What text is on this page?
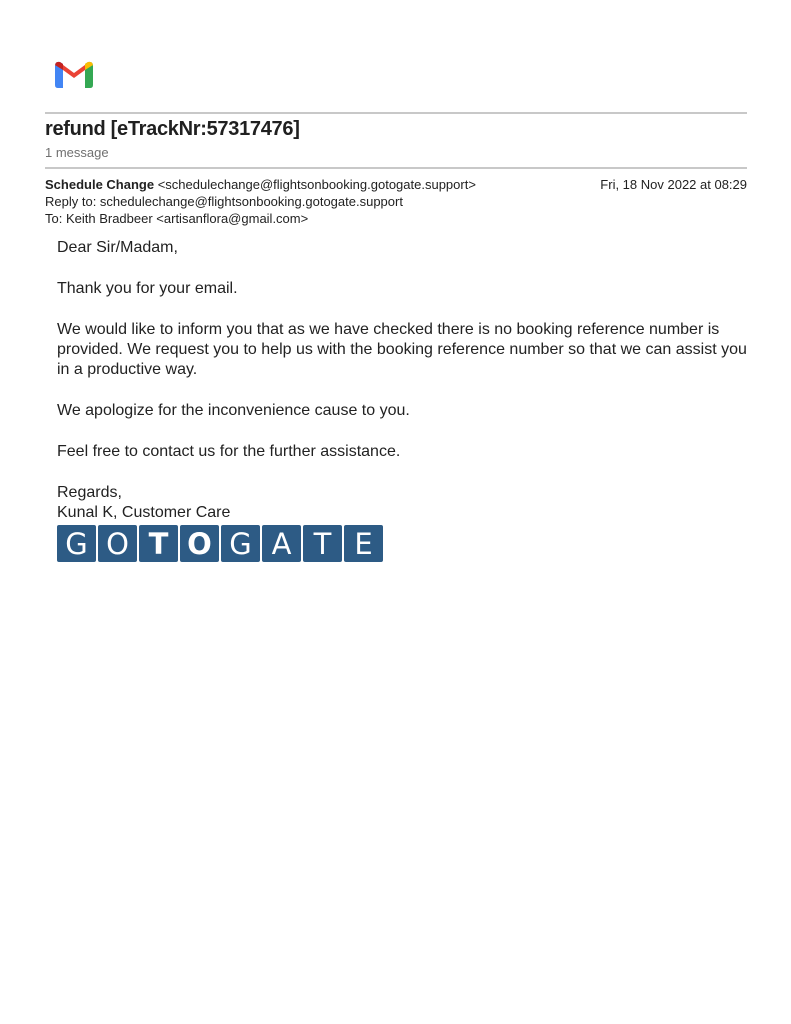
refund [eTrackNr:57317476]
1 message
Schedule Change <schedulechange@flightsonbooking.gotogate.support>	Fri, 18 Nov 2022 at 08:29
Reply to: schedulechange@flightsonbooking.gotogate.support
To: Keith Bradbeer <artisanflora@gmail.com>

Dear Sir/Madam,

Thank you for your email.

We would like to inform you that as we have checked there is no booking reference number is provided. We request you to help us with the booking reference number so that we can assist you in a productive way.

We apologize for the inconvenience cause to you.

Feel free to contact us for the further assistance.

Regards,

Kunal K, Customer Care

G O T O G A T E
